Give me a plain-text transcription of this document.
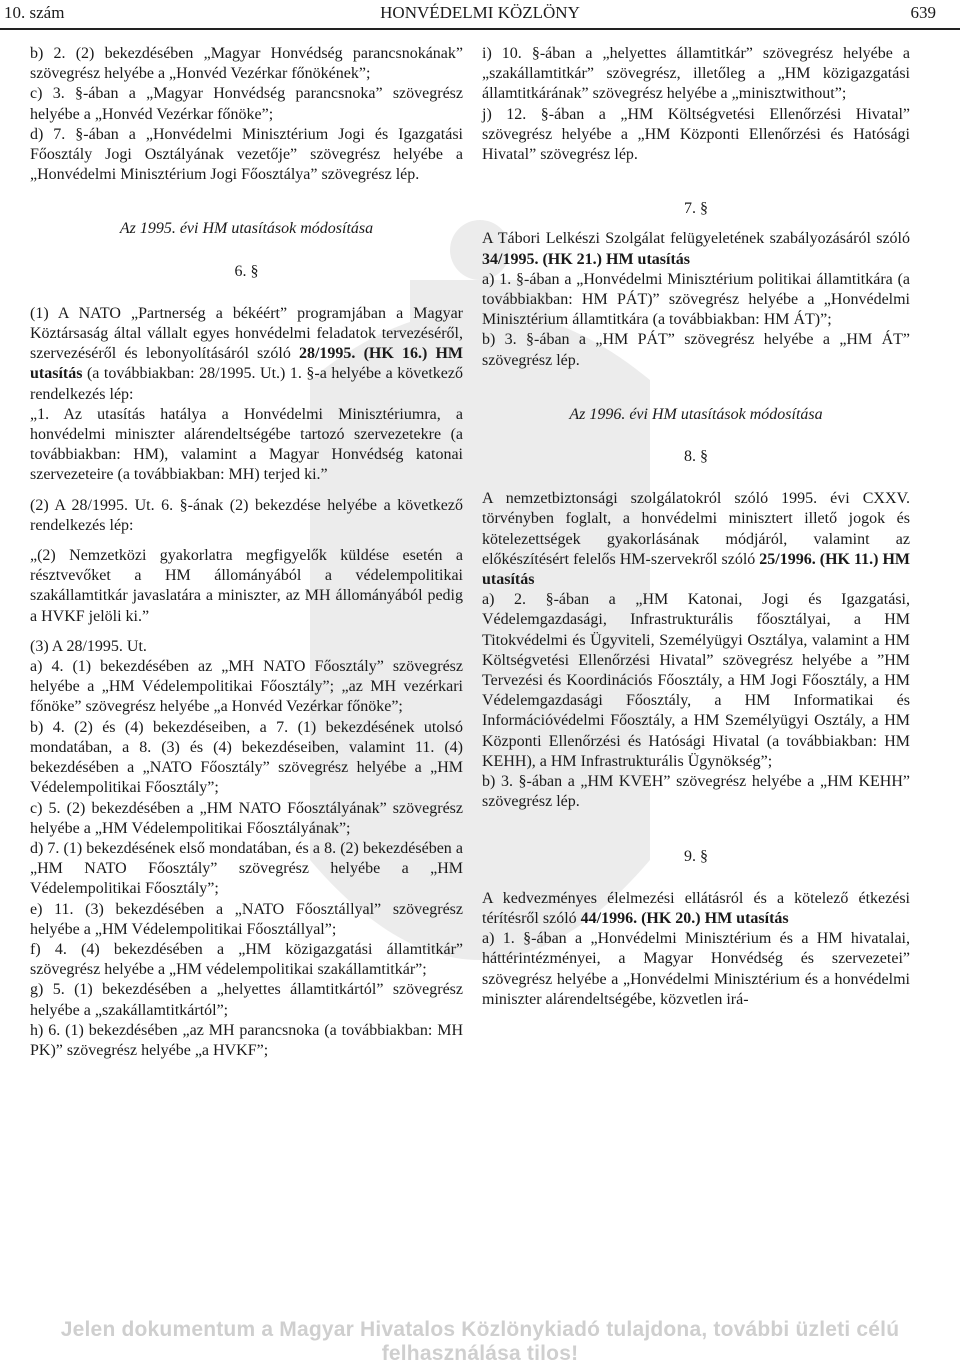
10. szám	HONVÉDELMI KÖZLÖNY	639

b) 2. (2) bekezdésében „Magyar Honvédség parancsnokának” szövegrész helyébe a „Honvéd Vezérkar főnökének”;

c) 3. §-ában a „Magyar Honvédség parancsnoka” szövegrész helyébe a „Honvéd Vezérkar főnöke”;

d) 7. §-ában a „Honvédelmi Minisztérium Jogi és Igazgatási Főosztály Jogi Osztályának vezetője” szövegrész helyébe a „Honvédelmi Minisztérium Jogi Főosztálya” szövegrész lép.

Az 1995. évi HM utasítások módosítása

6. §

(1) A NATO „Partnerség a békéért” programjában a Magyar Köztársaság által vállalt egyes honvédelmi feladatok tervezéséről, szervezéséről és lebonyolításáról szóló 28/1995. (HK 16.) HM utasítás (a továbbiakban: 28/1995. Ut.) 1. §-a helyébe a következő rendelkezés lép:

„1. Az utasítás hatálya a Honvédelmi Minisztériumra, a honvédelmi miniszter alárendeltségébe tartozó szervezetekre (a továbbiakban: HM), valamint a Magyar Honvédség katonai szervezeteire (a továbbiakban: MH) terjed ki.”

(2) A 28/1995. Ut. 6. §-ának (2) bekezdése helyébe a következő rendelkezés lép:

„(2) Nemzetközi gyakorlatra megfigyelők küldése esetén a résztvevőket a HM állományából a védelempolitikai szakállamtitkár javaslatára a miniszter, az MH állományából pedig a HVKF jelöli ki.”

(3) A 28/1995. Ut.

a) 4. (1) bekezdésében az „MH NATO Főosztály” szövegrész helyébe a „HM Védelempolitikai Főosztály”; „az MH vezérkari főnöke” szövegrész helyébe „a Honvéd Vezérkar főnöke”;

b) 4. (2) és (4) bekezdéseiben, a 7. (1) bekezdésének utolsó mondatában, a 8. (3) és (4) bekezdéseiben, valamint 11. (4) bekezdésében a „NATO Főosztály” szövegrész helyébe a „HM Védelempolitikai Főosztály”;

c) 5. (2) bekezdésében a „HM NATO Főosztályának” szövegrész helyébe a „HM Védelempolitikai Főosztályának”;

d) 7. (1) bekezdésének első mondatában, és a 8. (2) bekezdésében a „HM NATO Főosztály” szövegrész helyébe a „HM Védelempolitikai Főosztály”;

e) 11. (3) bekezdésében a „NATO Főosztállyal” szövegrész helyébe a „HM Védelempolitikai Főosztállyal”;

f) 4. (4) bekezdésében a „HM közigazgatási államtitkár” szövegrész helyébe a „HM védelempolitikai szakállamtitkár”;

g) 5. (1) bekezdésében a „helyettes államtitkártól” szövegrész helyébe a „szakállamtitkártól”;

h) 6. (1) bekezdésében „az MH parancsnoka (a továbbiakban: MH PK)” szövegrész helyébe „a HVKF”;

i) 10. §-ában a „helyettes államtitkár” szövegrész helyébe a „szakállamtitkár” szövegrész, illetőleg a „HM közigazgatási államtitkárának” szövegrész helyébe a „minisztwithout”;

j) 12. §-ában a „HM Költségvetési Ellenőrzési Hivatal” szövegrész helyébe a „HM Központi Ellenőrzési és Hatósági Hivatal” szövegrész lép.

7. §

A Tábori Lelkészi Szolgálat felügyeletének szabályozásáról szóló 34/1995. (HK 21.) HM utasítás

a) 1. §-ában a „Honvédelmi Minisztérium politikai államtitkára (a továbbiakban: HM PÁT)” szövegrész helyébe a „Honvédelmi Minisztérium államtitkára (a továbbiakban: HM ÁT)”;

b) 3. §-ában a „HM PÁT” szövegrész helyébe a „HM ÁT” szövegrész lép.

Az 1996. évi HM utasítások módosítása

8. §

A nemzetbiztonsági szolgálatokról szóló 1995. évi CXXV. törvényben foglalt, a honvédelmi minisztert illető jogok és kötelezettségek gyakorlásának módjáról, valamint az előkészítésért felelős HM-szervekről szóló 25/1996. (HK 11.) HM utasítás

a) 2. §-ában a „HM Katonai, Jogi és Igazgatási, Védelemgazdasági, Infrastrukturális főosztályai, a HM Titokvédelmi és Ügyviteli, Személyügyi Osztálya, valamint a HM Költségvetési Ellenőrzési Hivatal” szövegrész helyébe a ”HM Tervezési és Koordinációs Főosztály, a HM Jogi Főosztály, a HM Védelemgazdasági Főosztály, a HM Informatikai és Információvédelmi Főosztály, a HM Személyügyi Osztály, a HM Központi Ellenőrzési és Hatósági Hivatal (a továbbiakban: HM KEHH), a HM Infrastrukturális Ügynökség”;

b) 3. §-ában a „HM KVEH” szövegrész helyébe a „HM KEHH” szövegrész lép.

9. §

A kedvezményes élelmezési ellátásról és a kötelező étkezési térítésről szóló 44/1996. (HK 20.) HM utasítás

a) 1. §-ában a „Honvédelmi Minisztérium és a HM hivatalai, háttérintézményei, a Magyar Honvédség és szervezetei” szövegrész helyébe a „Honvédelmi Minisztérium és a honvédelmi miniszter alárendeltségébe, közvetlen irá-

Jelen dokumentum a Magyar Hivatalos Közlönykiadó tulajdona, további üzleti célú felhasználása tilos!
